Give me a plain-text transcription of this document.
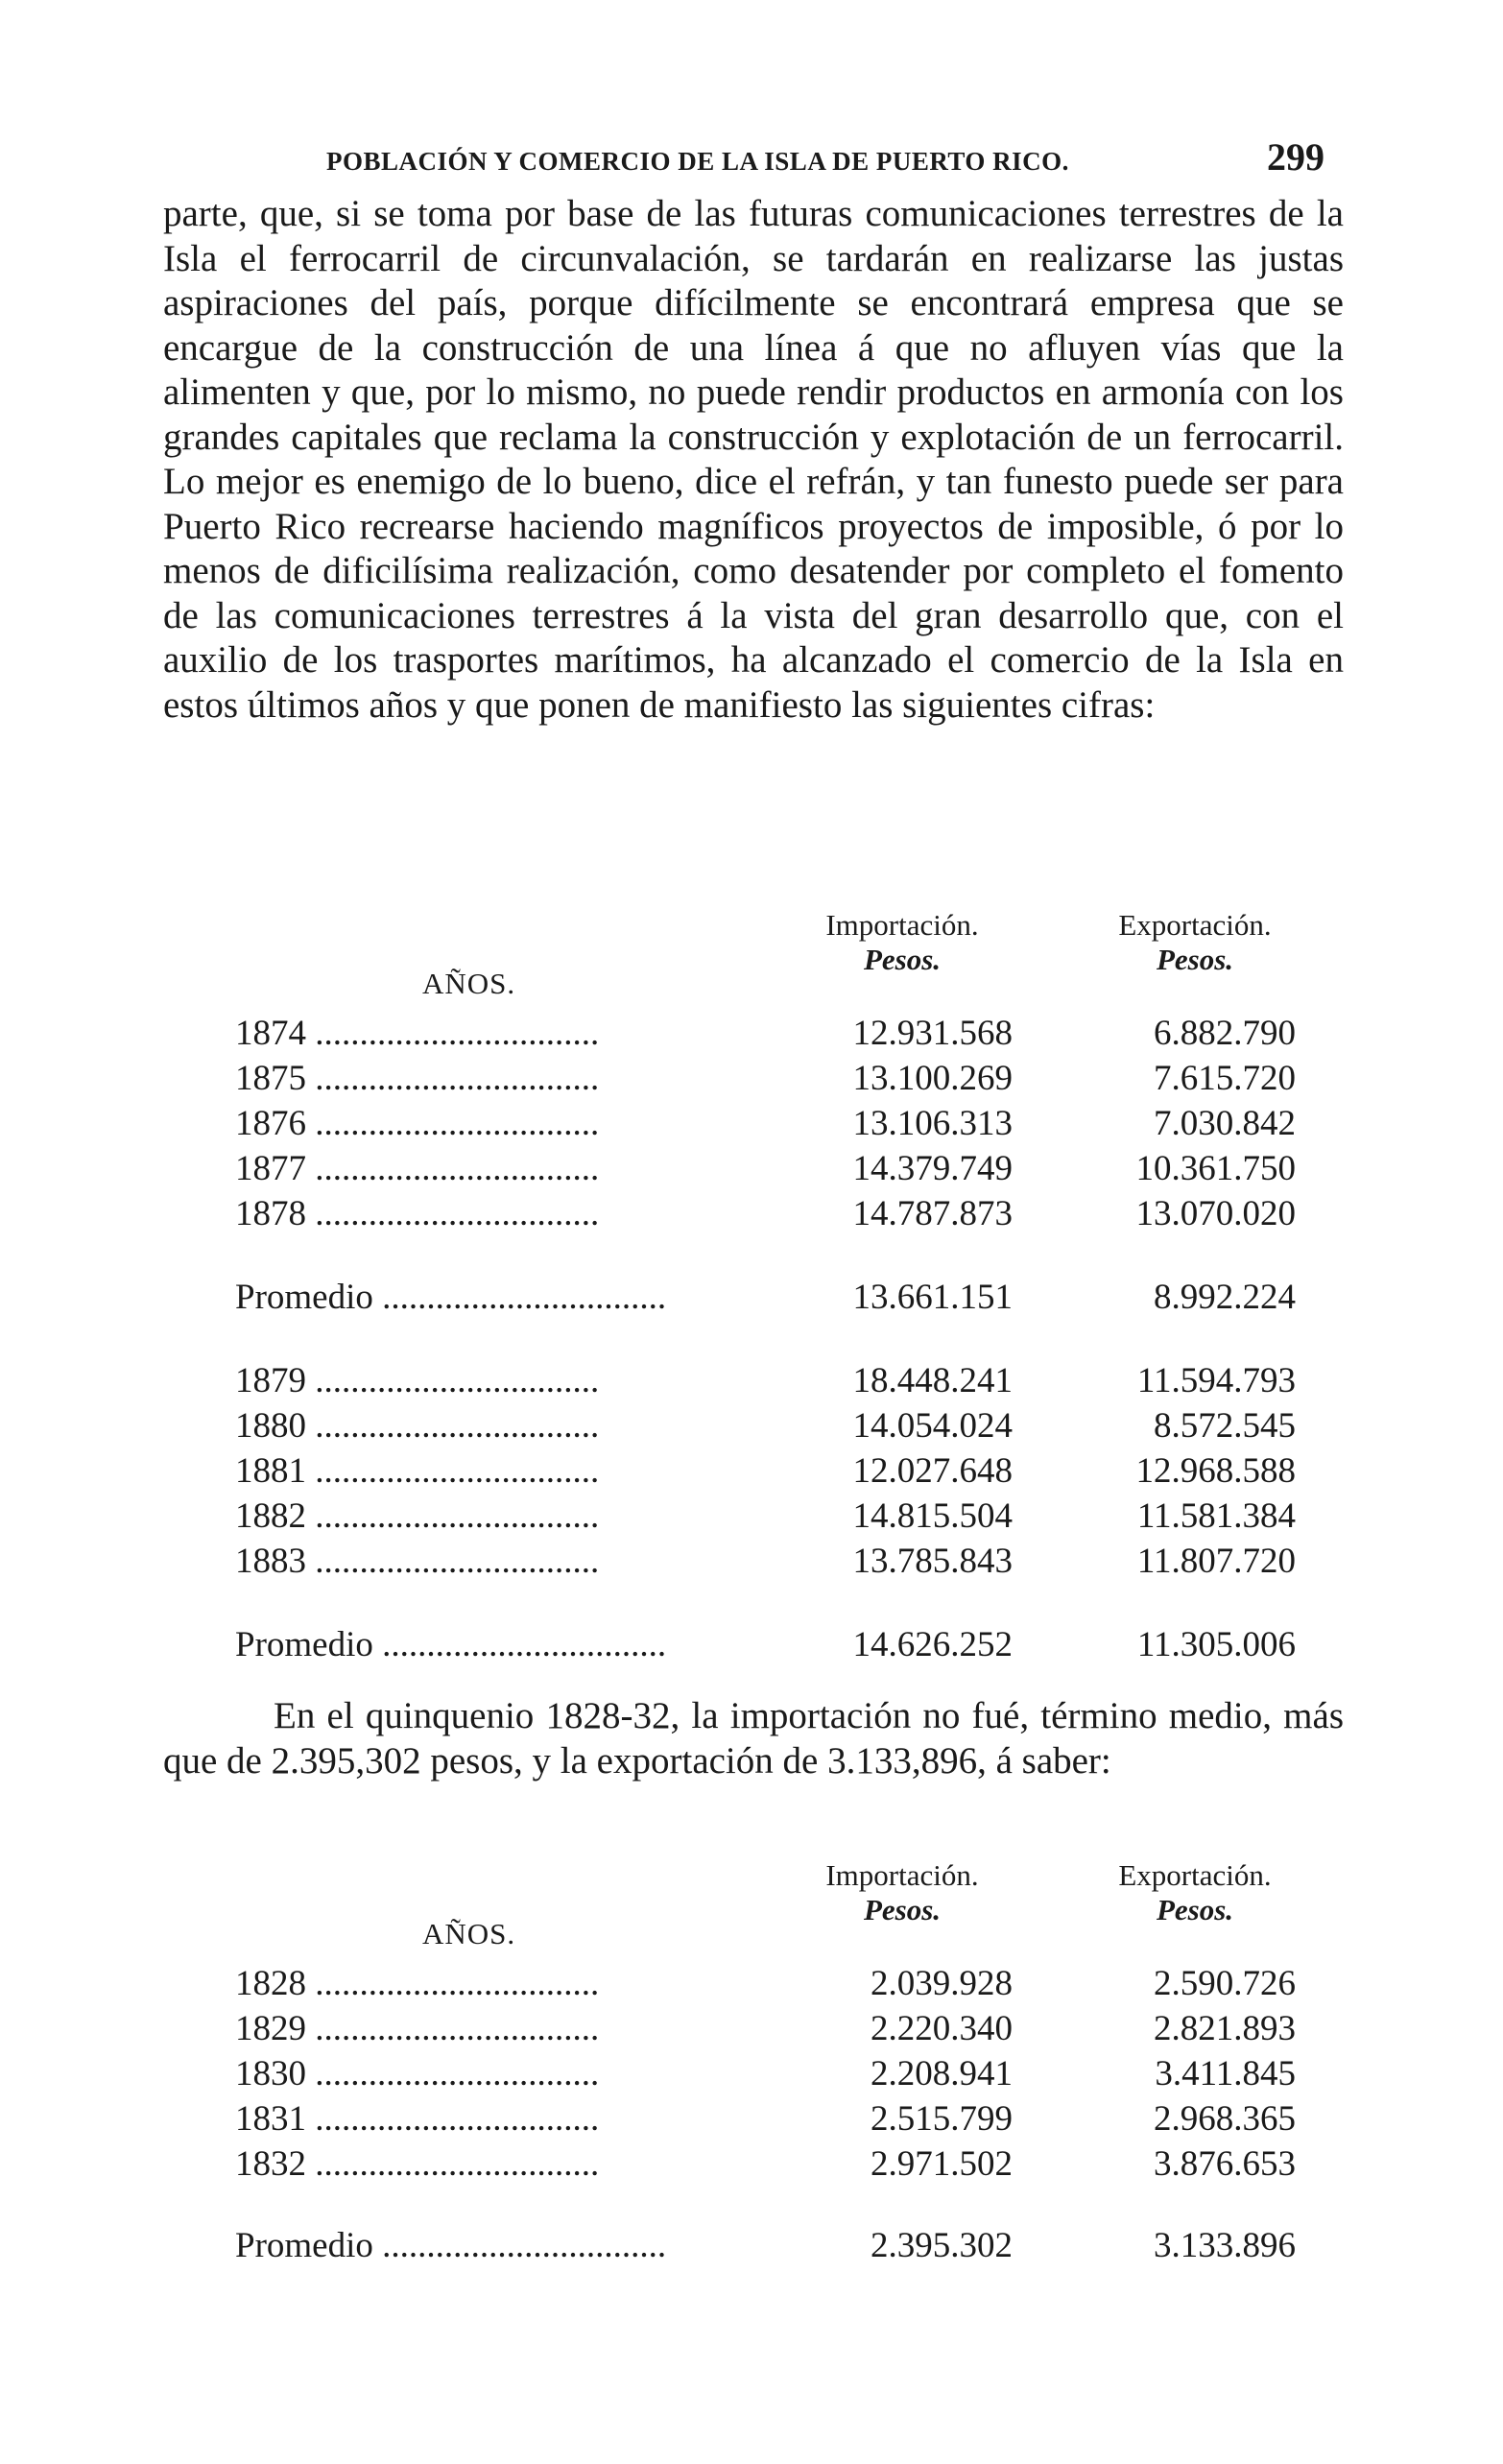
POBLACIÓN Y COMERCIO DE LA ISLA DE PUERTO RICO.	299

parte, que, si se toma por base de las futuras comunicaciones terrestres de la Isla el ferrocarril de circunvalación, se tardarán en realizarse las justas aspiraciones del país, porque difícilmente se encontrará empresa que se encargue de la construcción de una línea á que no afluyen vías que la alimenten y que, por lo mismo, no puede rendir productos en armonía con los grandes capitales que reclama la construcción y explotación de un ferrocarril. Lo mejor es enemigo de lo bueno, dice el refrán, y tan funesto puede ser para Puerto Rico recrearse haciendo magníficos proyectos de imposible, ó por lo menos de dificilísima realización, como desatender por completo el fomento de las comunicaciones terrestres á la vista del gran desarrollo que, con el auxilio de los trasportes marítimos, ha alcanzado el comercio de la Isla en estos últimos años y que ponen de manifiesto las siguientes cifras:

AÑOS.
Importación.
Pesos.
Exportación.
Pesos.
1874 ................................	12.931.568	6.882.790
1875 ................................	13.100.269	7.615.720
1876 ................................	13.106.313	7.030.842
1877 ................................	14.379.749	10.361.750
1878 ................................	14.787.873	13.070.020
Promedio ................................	13.661.151	8.992.224
1879 ................................	18.448.241	11.594.793
1880 ................................	14.054.024	8.572.545
1881 ................................	12.027.648	12.968.588
1882 ................................	14.815.504	11.581.384
1883 ................................	13.785.843	11.807.720
Promedio ................................	14.626.252	11.305.006

En el quinquenio 1828-32, la importación no fué, término medio, más que de 2.395,302 pesos, y la exportación de 3.133,896, á saber:

AÑOS.
Importación.
Pesos.
Exportación.
Pesos.
1828 ................................	2.039.928	2.590.726
1829 ................................	2.220.340	2.821.893
1830 ................................	2.208.941	3.411.845
1831 ................................	2.515.799	2.968.365
1832 ................................	2.971.502	3.876.653
Promedio ................................	2.395.302	3.133.896
